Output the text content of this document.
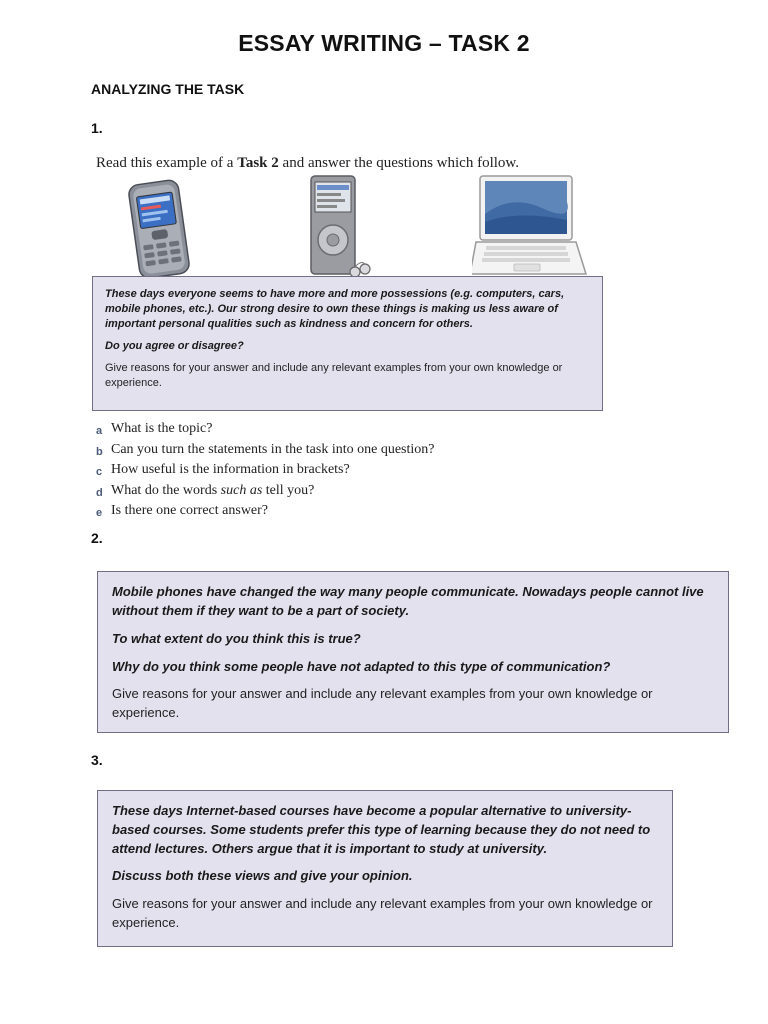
ESSAY WRITING – TASK 2
ANALYZING THE TASK
1.
Read this example of a Task 2 and answer the questions which follow.

These days everyone seems to have more and more possessions (e.g. computers, cars, mobile phones, etc.). Our strong desire to own these things is making us less aware of important personal qualities such as kindness and concern for others.

Do you agree or disagree?

Give reasons for your answer and include any relevant examples from your own knowledge or experience.

a What is the topic?
b Can you turn the statements in the task into one question?
c How useful is the information in brackets?
d What do the words such as tell you?
e Is there one correct answer?
2.

Mobile phones have changed the way many people communicate. Nowadays people cannot live without them if they want to be a part of society.

To what extent do you think this is true?

Why do you think some people have not adapted to this type of communication?

Give reasons for your answer and include any relevant examples from your own knowledge or experience.

3.

These days Internet-based courses have become a popular alternative to university-based courses. Some students prefer this type of learning because they do not need to attend lectures. Others argue that it is important to study at university.

Discuss both these views and give your opinion.

Give reasons for your answer and include any relevant examples from your own knowledge or experience.
